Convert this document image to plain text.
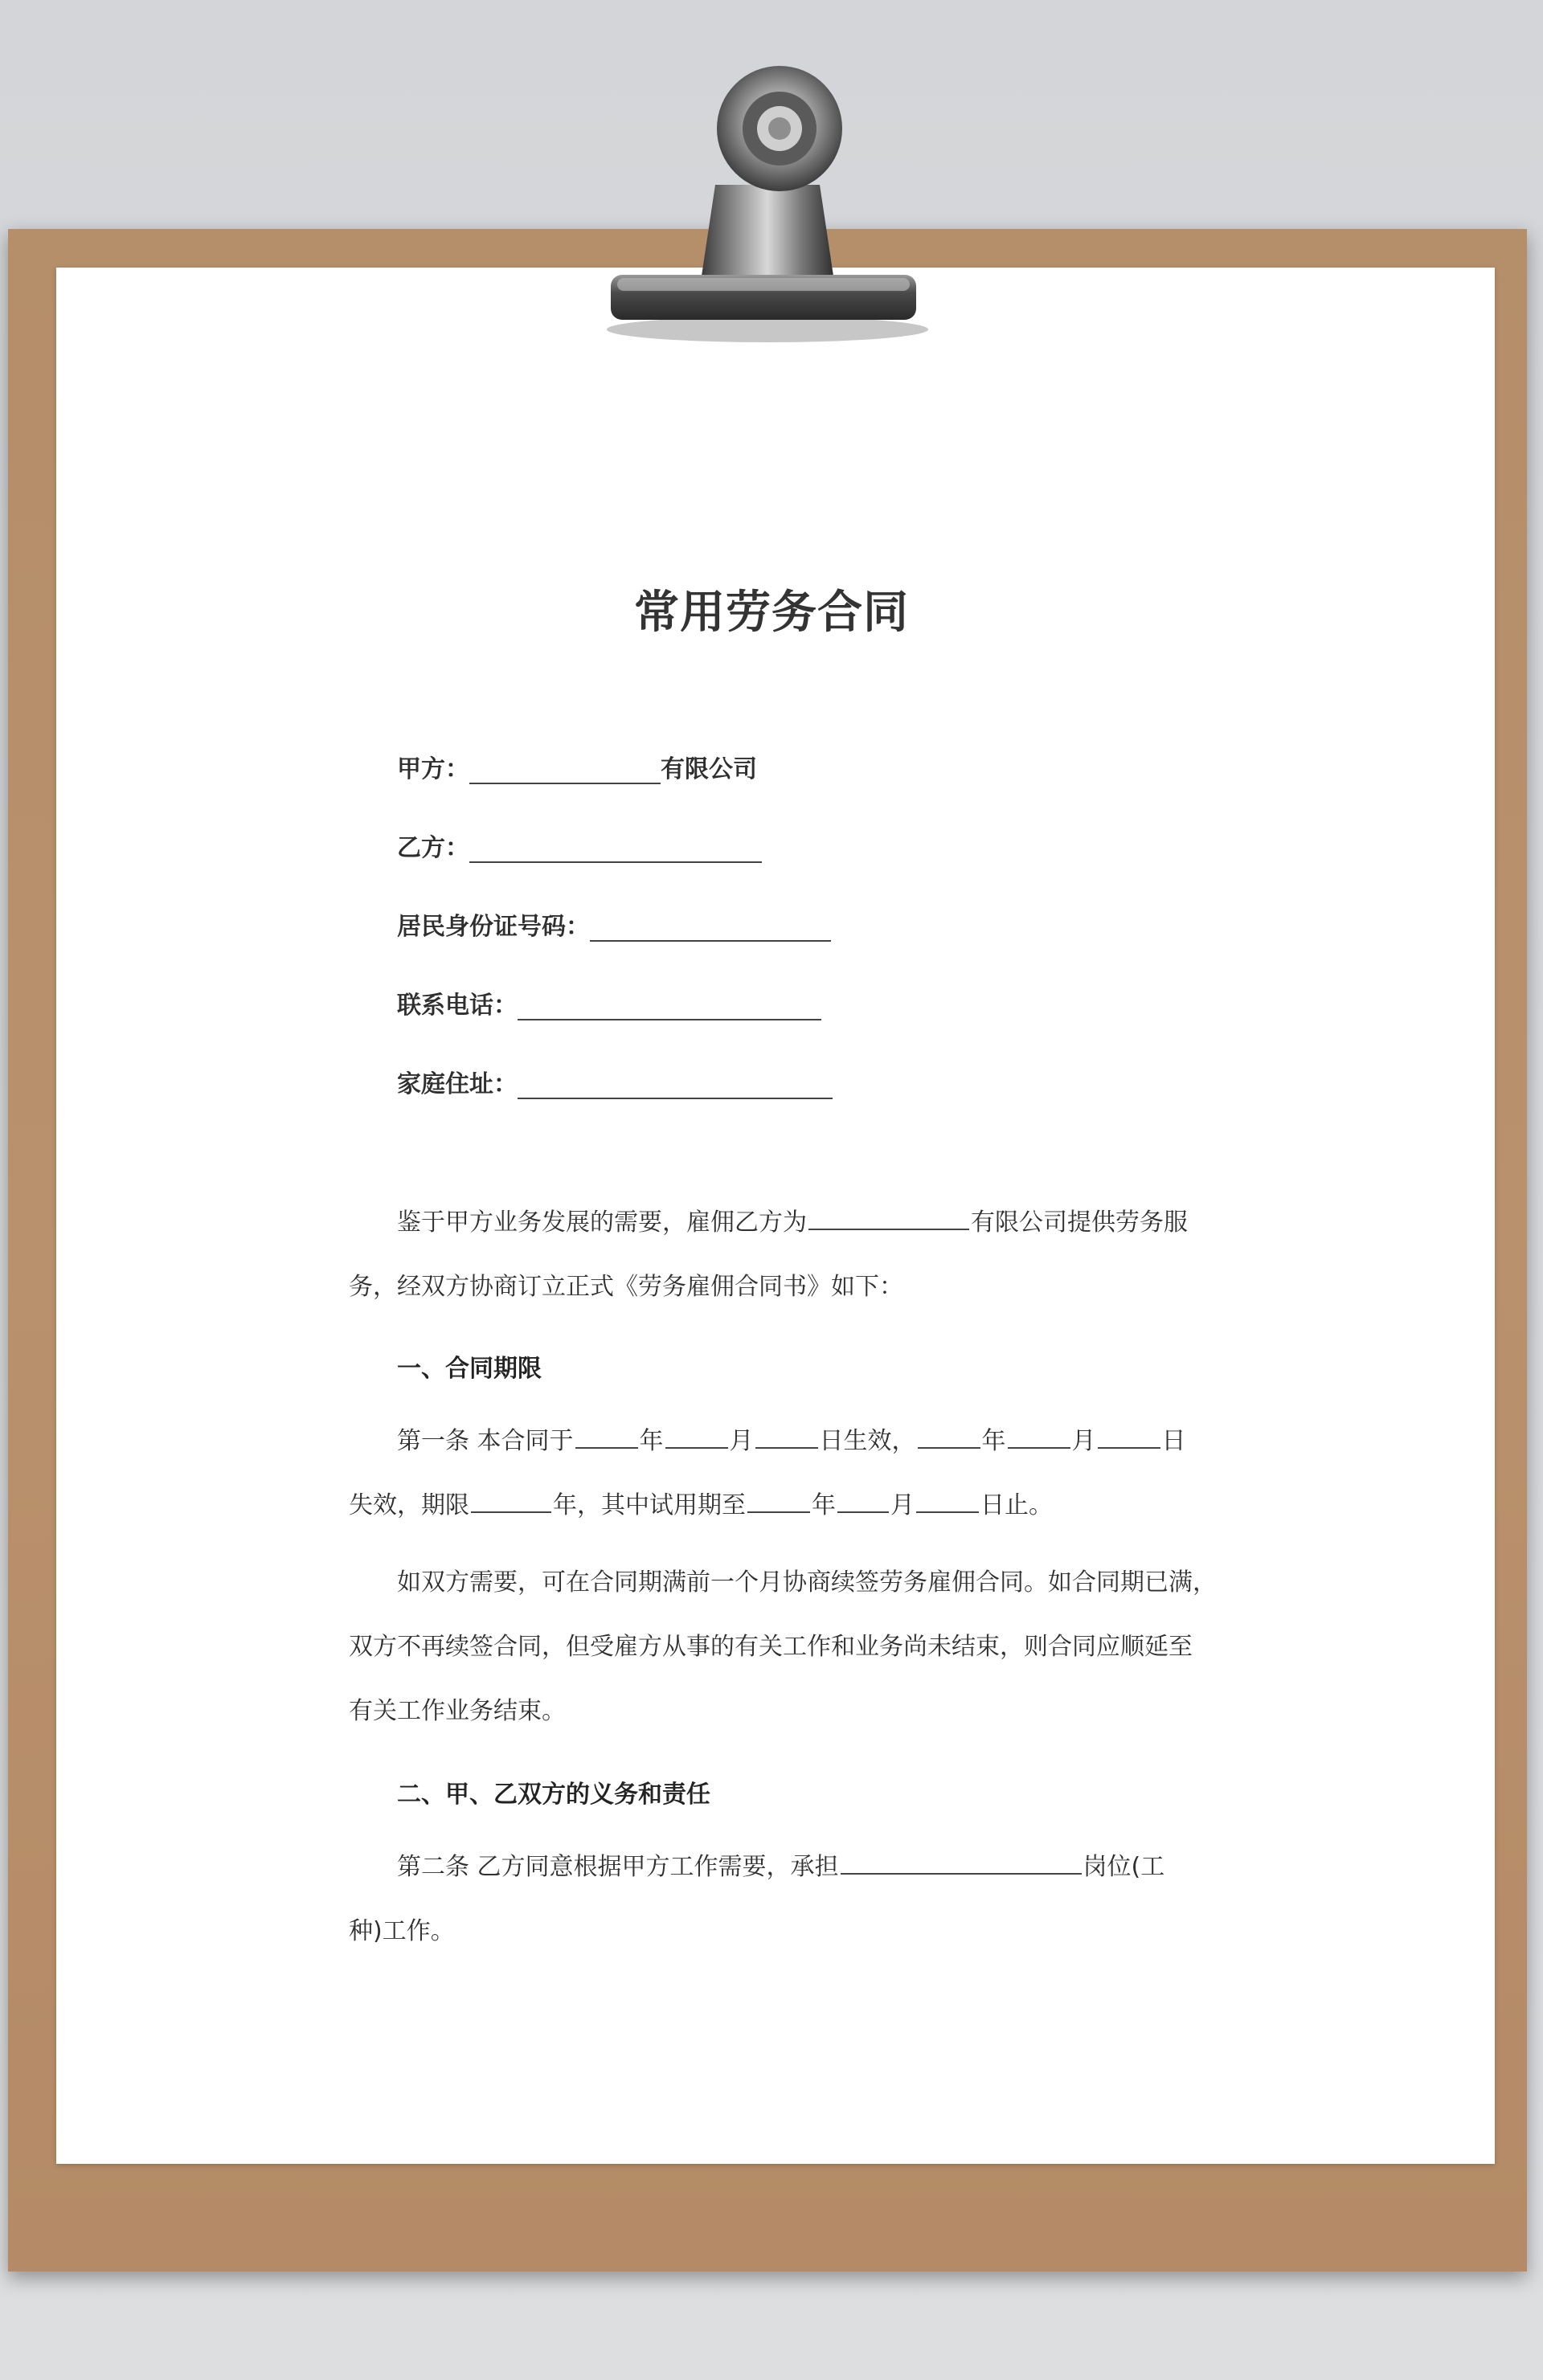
常用劳务合同
甲方：	有限公司
乙方：
居民身份证号码：
联系电话：
家庭住址：
鉴于甲方业务发展的需要，雇佣乙方为	有限公司提供劳务服
务，经双方协商订立正式《劳务雇佣合同书》如下：
一、合同期限
第一条 本合同于	年	月	日生效，	年	月	日
失效，期限	年，其中试用期至	年 月	日止。
如双方需要，可在合同期满前一个月协商续签劳务雇佣合同。如合同期已满，
双方不再续签合同，但受雇方从事的有关工作和业务尚未结束，则合同应顺延至
有关工作业务结束。
二、甲、乙双方的义务和责任
第二条 乙方同意根据甲方工作需要，承担	岗位(工
种)工作。
